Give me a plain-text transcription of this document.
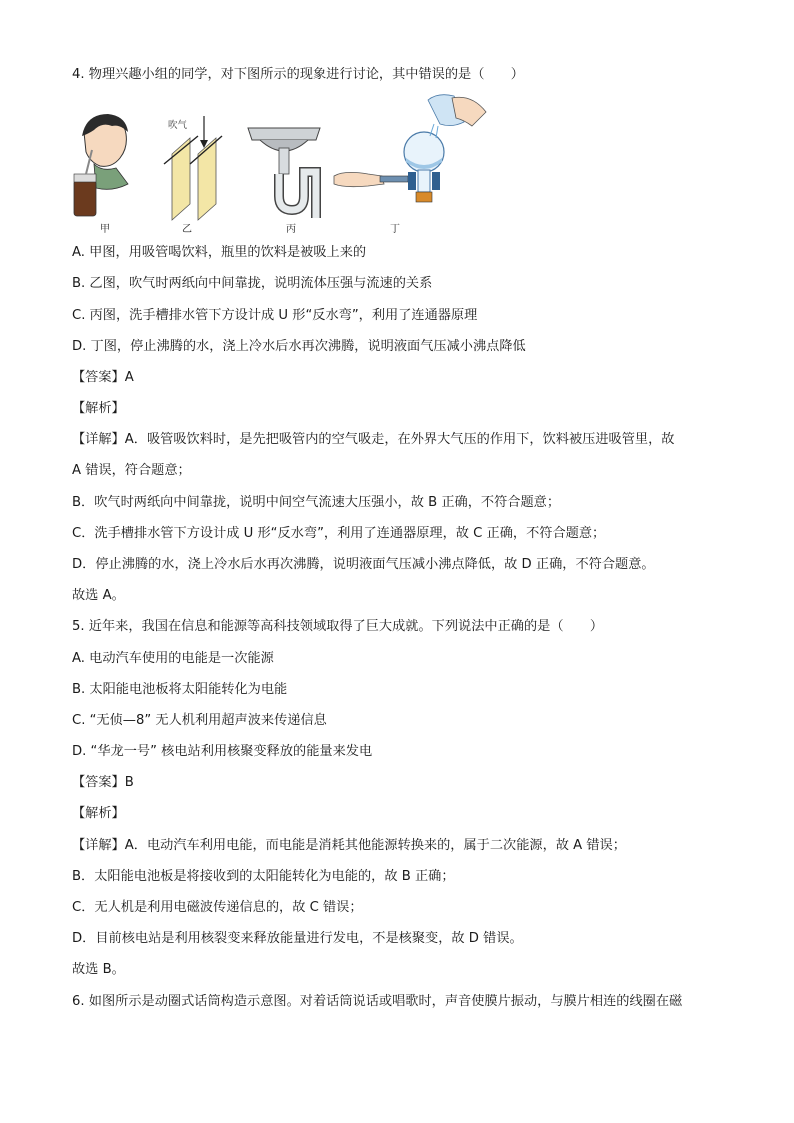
4. 物理兴趣小组的同学，对下图所示的现象进行讨论，其中错误的是（　　）
吹气
甲	乙	丙	丁
A. 甲图，用吸管喝饮料，瓶里的饮料是被吸上来的
B. 乙图，吹气时两纸向中间靠拢，说明流体压强与流速的关系
C. 丙图，洗手槽排水管下方设计成 U 形“反水弯”，利用了连通器原理
D. 丁图，停止沸腾的水，浇上冷水后水再次沸腾，说明液面气压减小沸点降低
【答案】A
【解析】
【详解】A．吸管吸饮料时，是先把吸管内的空气吸走，在外界大气压的作用下，饮料被压进吸管里，故
A 错误，符合题意；
B．吹气时两纸向中间靠拢，说明中间空气流速大压强小，故 B 正确，不符合题意；
C．洗手槽排水管下方设计成 U 形“反水弯”，利用了连通器原理，故 C 正确，不符合题意；
D．停止沸腾的水，浇上冷水后水再次沸腾，说明液面气压减小沸点降低，故 D 正确，不符合题意。
故选 A。
5. 近年来，我国在信息和能源等高科技领域取得了巨大成就。下列说法中正确的是（　　）
A. 电动汽车使用的电能是一次能源
B. 太阳能电池板将太阳能转化为电能
C. “无侦—8” 无人机利用超声波来传递信息
D. “华龙一号” 核电站利用核聚变释放的能量来发电
【答案】B
【解析】
【详解】A．电动汽车利用电能，而电能是消耗其他能源转换来的，属于二次能源，故 A 错误；
B．太阳能电池板是将接收到的太阳能转化为电能的，故 B 正确；
C．无人机是利用电磁波传递信息的，故 C 错误；
D．目前核电站是利用核裂变来释放能量进行发电，不是核聚变，故 D 错误。
故选 B。
6. 如图所示是动圈式话筒构造示意图。对着话筒说话或唱歌时，声音使膜片振动，与膜片相连的线圈在磁
